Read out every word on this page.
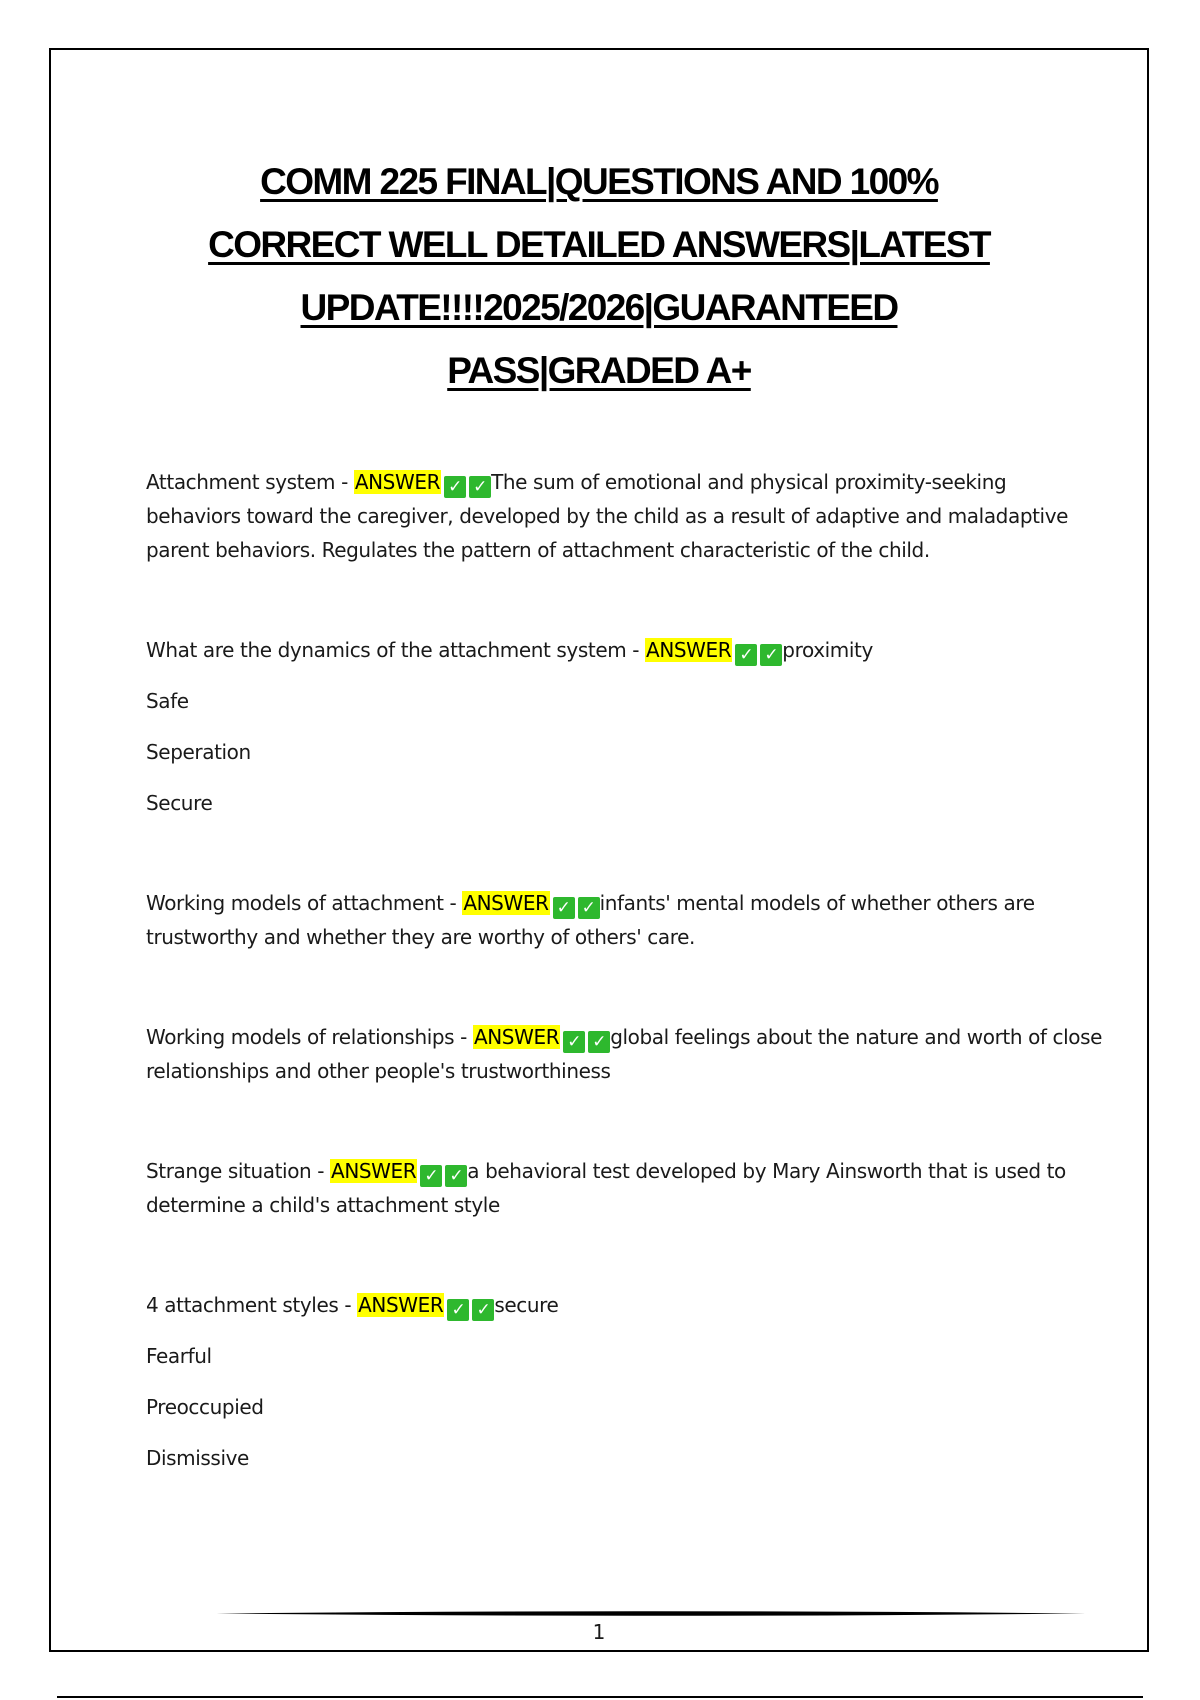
COMM 225 FINAL|QUESTIONS AND 100%
CORRECT WELL DETAILED ANSWERS|LATEST
UPDATE!!!!2025/2026|GUARANTEED
PASS|GRADED A+

Attachment system - ANSWER ✓ ✓ The sum of emotional and physical proximity-seeking behaviors toward the caregiver, developed by the child as a result of adaptive and maladaptive parent behaviors. Regulates the pattern of attachment characteristic of the child.

What are the dynamics of the attachment system - ANSWER ✓ ✓ proximity

Safe

Seperation

Secure

Working models of attachment - ANSWER ✓ ✓ infants' mental models of whether others are trustworthy and whether they are worthy of others' care.

Working models of relationships - ANSWER ✓ ✓ global feelings about the nature and worth of close relationships and other people's trustworthiness

Strange situation - ANSWER ✓ ✓ a behavioral test developed by Mary Ainsworth that is used to determine a child's attachment style

4 attachment styles - ANSWER ✓ ✓ secure

Fearful

Preoccupied

Dismissive

1
